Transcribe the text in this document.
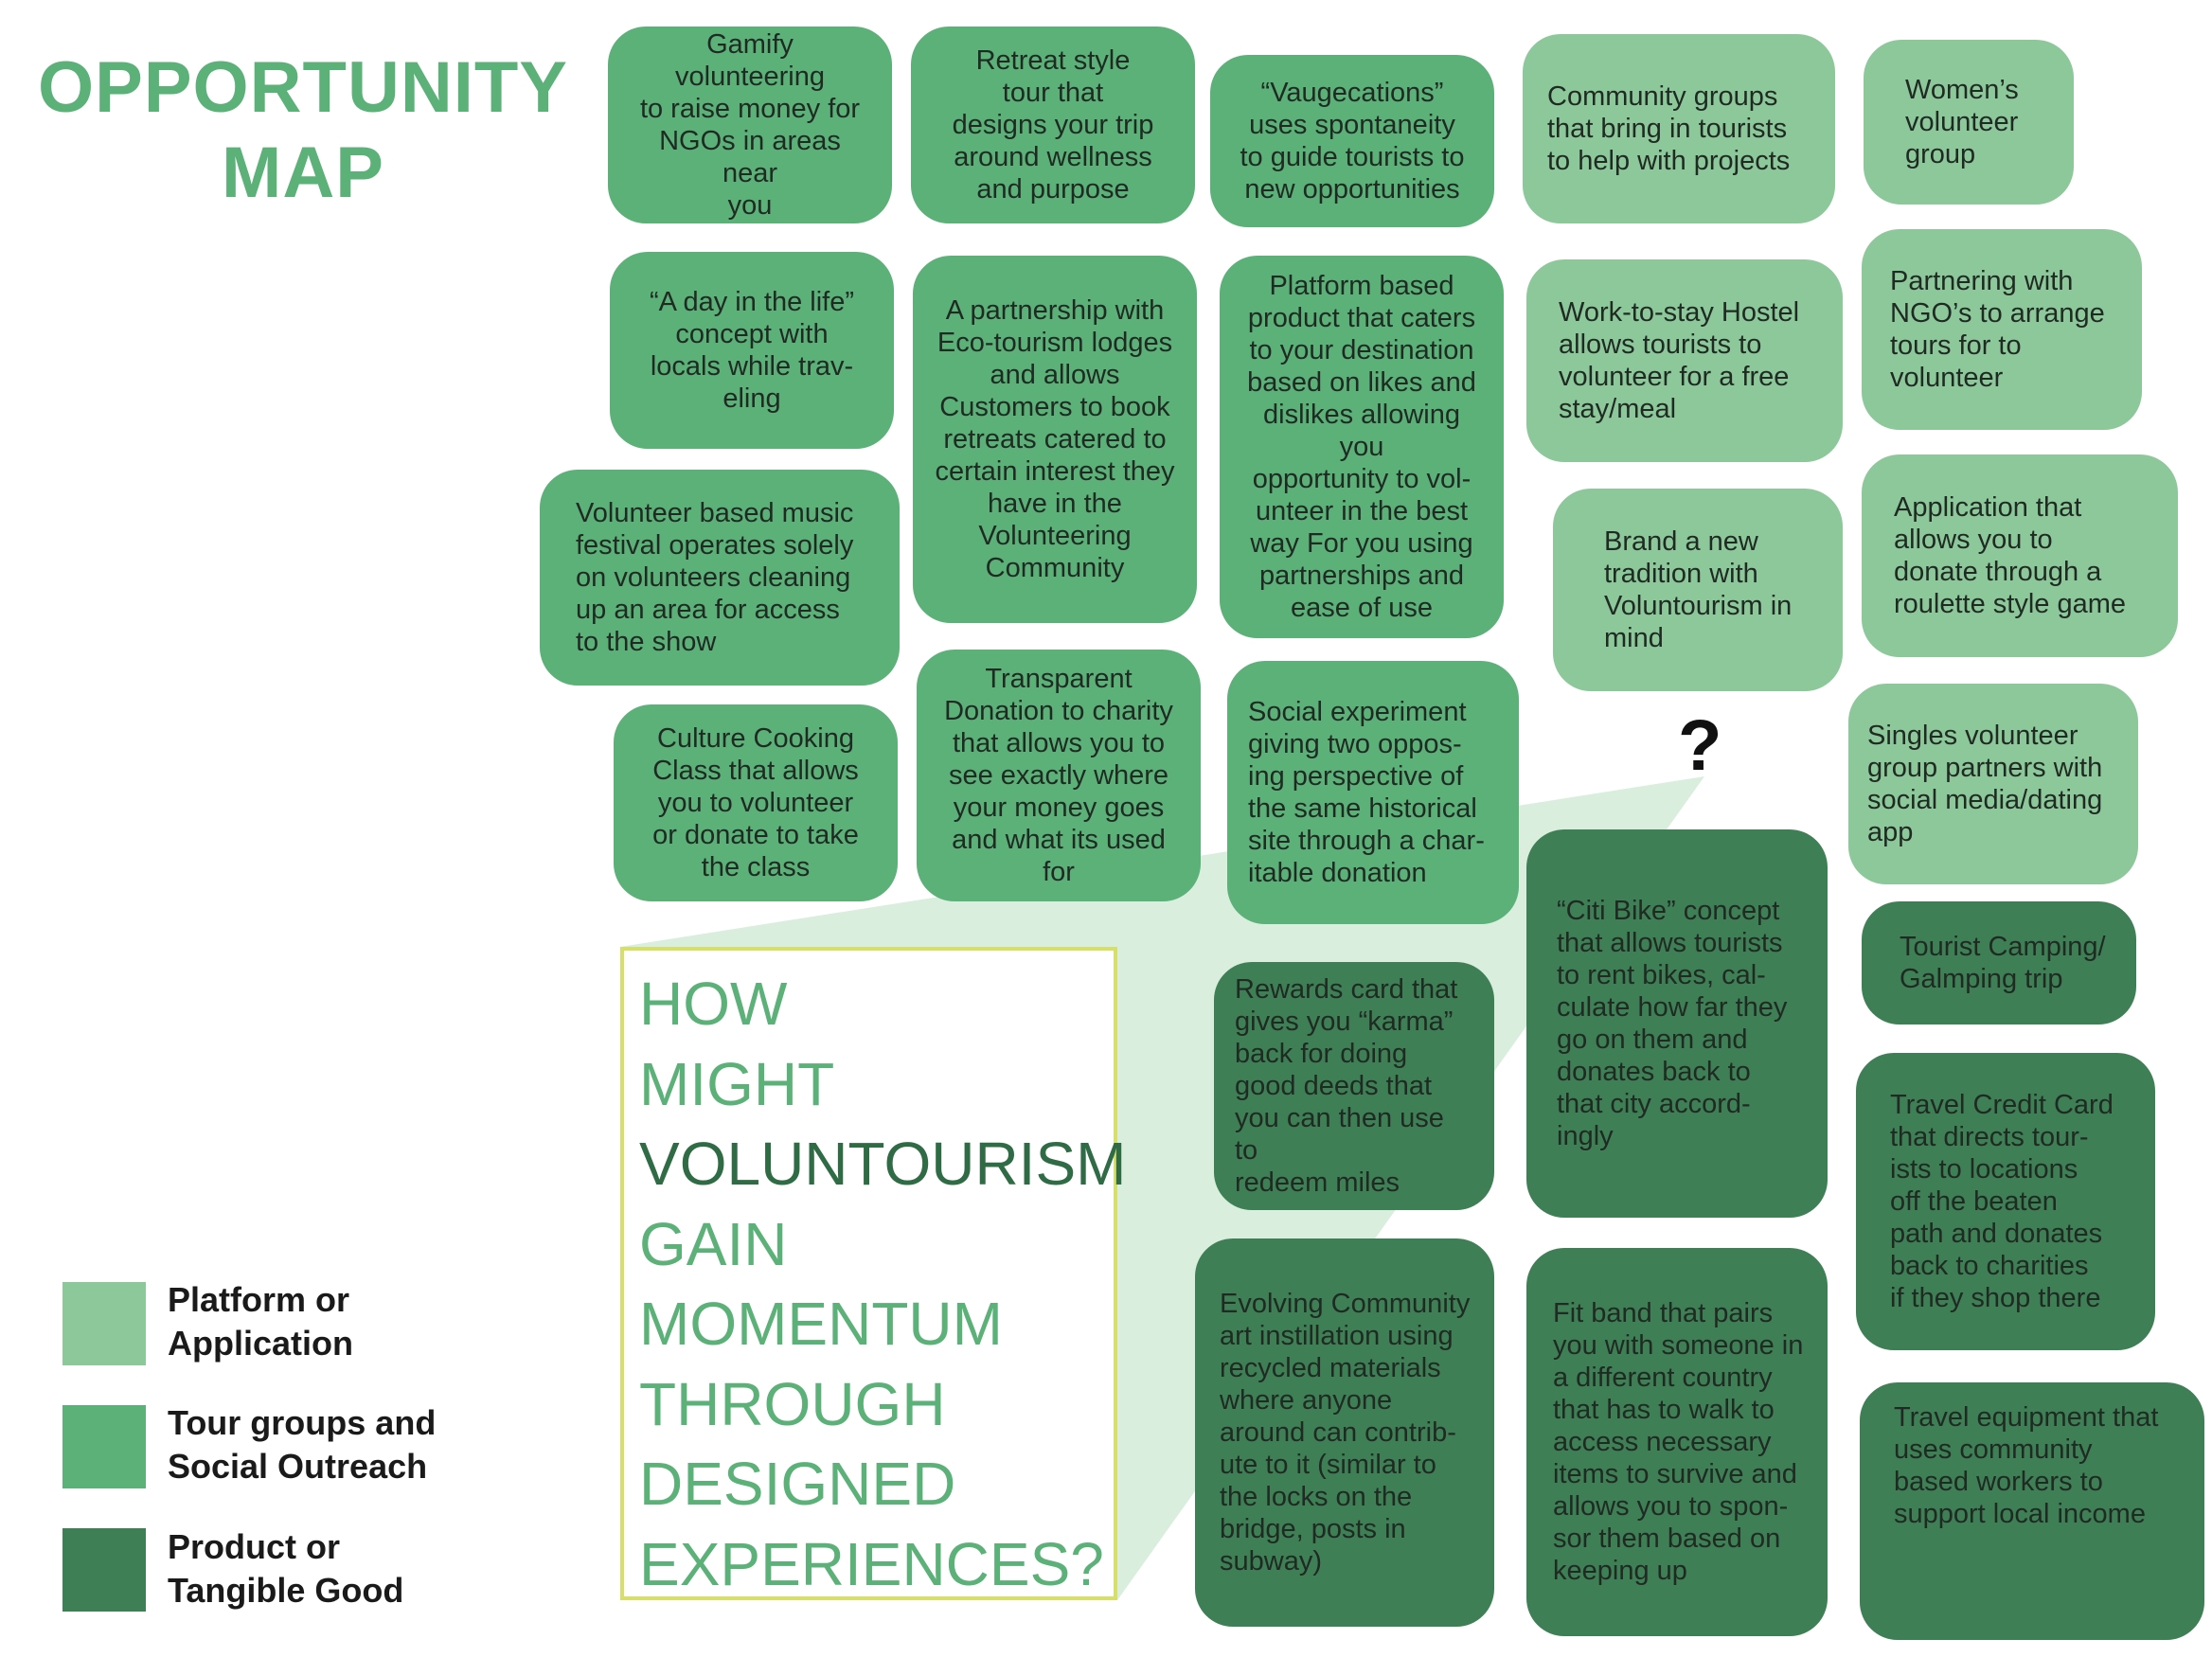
OPPORTUNITY
MAP
Gamify volunteering
to raise money for
NGOs in areas near
you
“A day in the life”
concept with
locals while trav-
eling
Volunteer based music
festival operates solely
on volunteers cleaning
up an area for access
to the show
Culture Cooking
Class that allows
you to volunteer
or donate to take
the class
Retreat style
tour that
designs your trip
around wellness
and purpose
A partnership with
Eco-tourism lodges
and allows
Customers to book
retreats catered to
certain interest they
have in the
Volunteering
Community
Transparent
Donation to charity
that allows you to
see exactly where
your money goes
and what its used
for
“Vaugecations”
uses spontaneity
to guide tourists to
new opportunities
Platform based
product that caters
to your destination
based on likes and
dislikes allowing you
opportunity to vol-
unteer in the best
way For you using
partnerships and
ease of use
Social experiment
giving two oppos-
ing perspective of
the same historical
site through a char-
itable donation
Rewards card that
gives you “karma”
back for doing
good deeds that
you can then use to
redeem miles
Evolving Community
art instillation using
recycled materials
where anyone
around can contrib-
ute to it (similar to
the locks on the
bridge, posts in
subway)
Community groups
that bring in tourists
to help with projects
Work-to-stay Hostel
allows tourists to
volunteer for a free
stay/meal
Brand a new
tradition with
Voluntourism in
mind
?
“Citi Bike” concept
that allows tourists
to rent bikes, cal-
culate how far they
go on them and
donates back to
that city accord-
ingly
Fit band that pairs
you with someone in
a different country
that has to walk to
access necessary
items to survive and
allows you to spon-
sor them based on
keeping up
Women’s
volunteer
group
Partnering with
NGO’s to arrange
tours for to
volunteer
Application that
allows you to
donate through a
roulette style game
Singles volunteer
group partners with
social media/dating
app
Tourist Camping/
Galmping trip
Travel Credit Card
that directs tour-
ists to locations
off the beaten
path and donates
back to charities
if they shop there
Travel equipment that
uses community
based workers to
support local income
HOW
MIGHT
VOLUNTOURISM
GAIN
MOMENTUM
THROUGH
DESIGNED
EXPERIENCES?
Platform or
Application
Tour groups and
Social Outreach
Product or
Tangible Good
